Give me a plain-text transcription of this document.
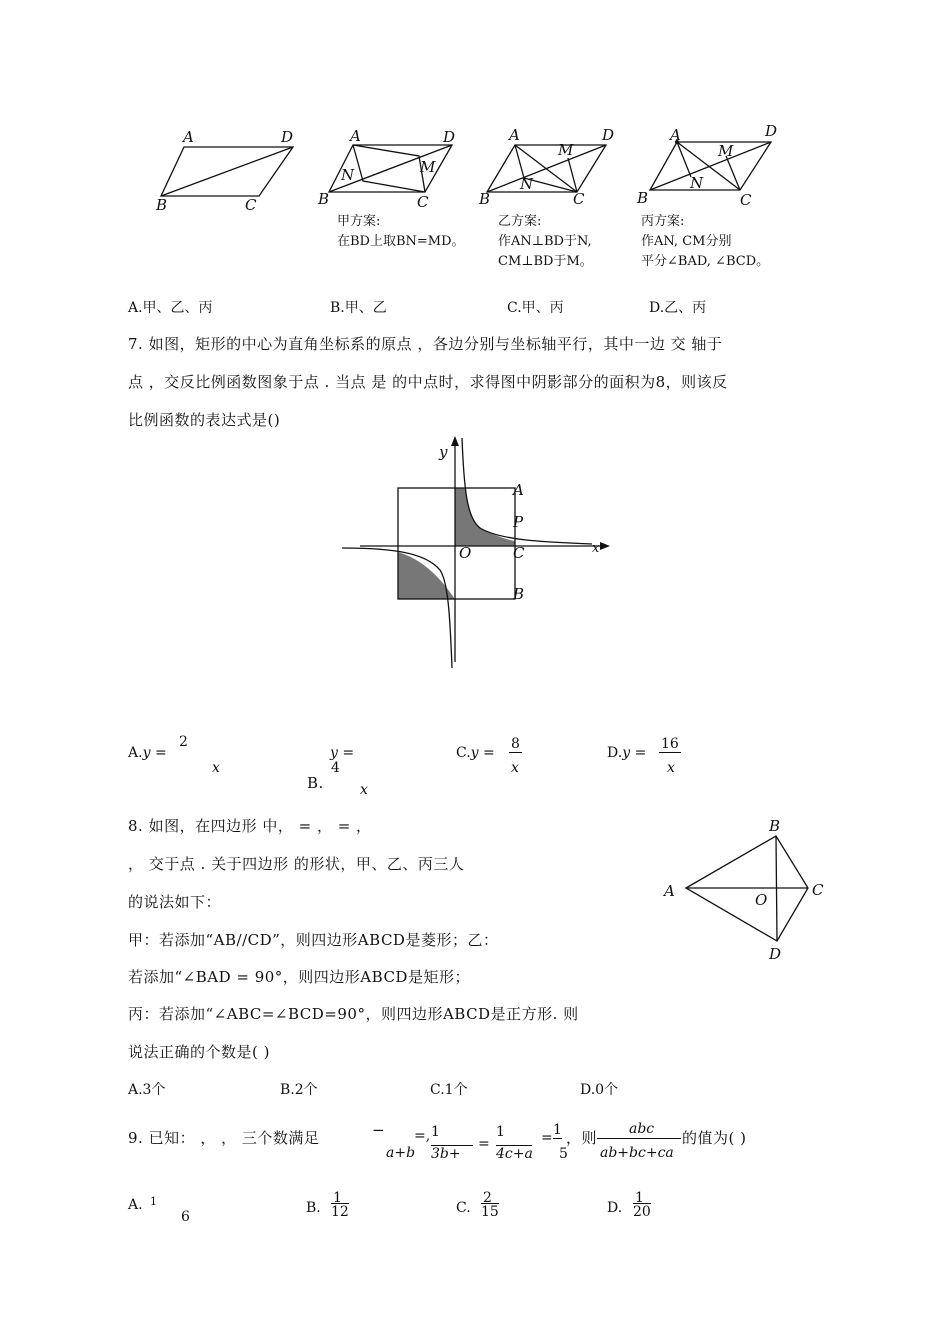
A	D
B	C
A	D
B	C
N	M
A	D
B	C
M
N
A	D
B	C
M
N
甲方案:
在BD上取BN=MD。
乙方案:
作AN⊥BD于N,
CM⊥BD于M。
丙方案:
作AN, CM分别
平分∠BAD, ∠BCD。
A.甲、乙、丙	B.甲、乙	C.甲、丙	D.乙、丙
7. 如图，矩形的中心为直角坐标系的原点 ，各边分别与坐标轴平行，其中一边 交 轴于
点 ，交反比例函数图象于点 . 当点 是 的中点时，求得图中阴影部分的面积为8，则该反
比例函数的表达式是()
y
x
O
A
P
C
B
A.y =
2
x
y =
4
B.	x
C.y =
8
x
D.y =
16
x
8. 如图，在四边形 中， = ， = ，
， 交于点 . 关于四边形 的形状，甲、乙、丙三人
的说法如下：
甲：若添加“AB//CD”，则四边形ABCD是菱形；乙：
若添加“∠BAD = 90°，则四边形ABCD是矩形；
丙：若添加“∠ABC=∠BCD=90°，则四边形ABCD是正方形. 则
说法正确的个数是( )
A
B
C
D
O
A.3个	B.2个	C.1个	D.0个
9. 已知： ， ， 三个数满足	−
a+b
=, 1
3b+
=
1
4c+a
= 1
5
，则 abc
ab+bc+ca
的值为( )
A. 1
6
B.
1
12	C.
2
15	D.
1
20
